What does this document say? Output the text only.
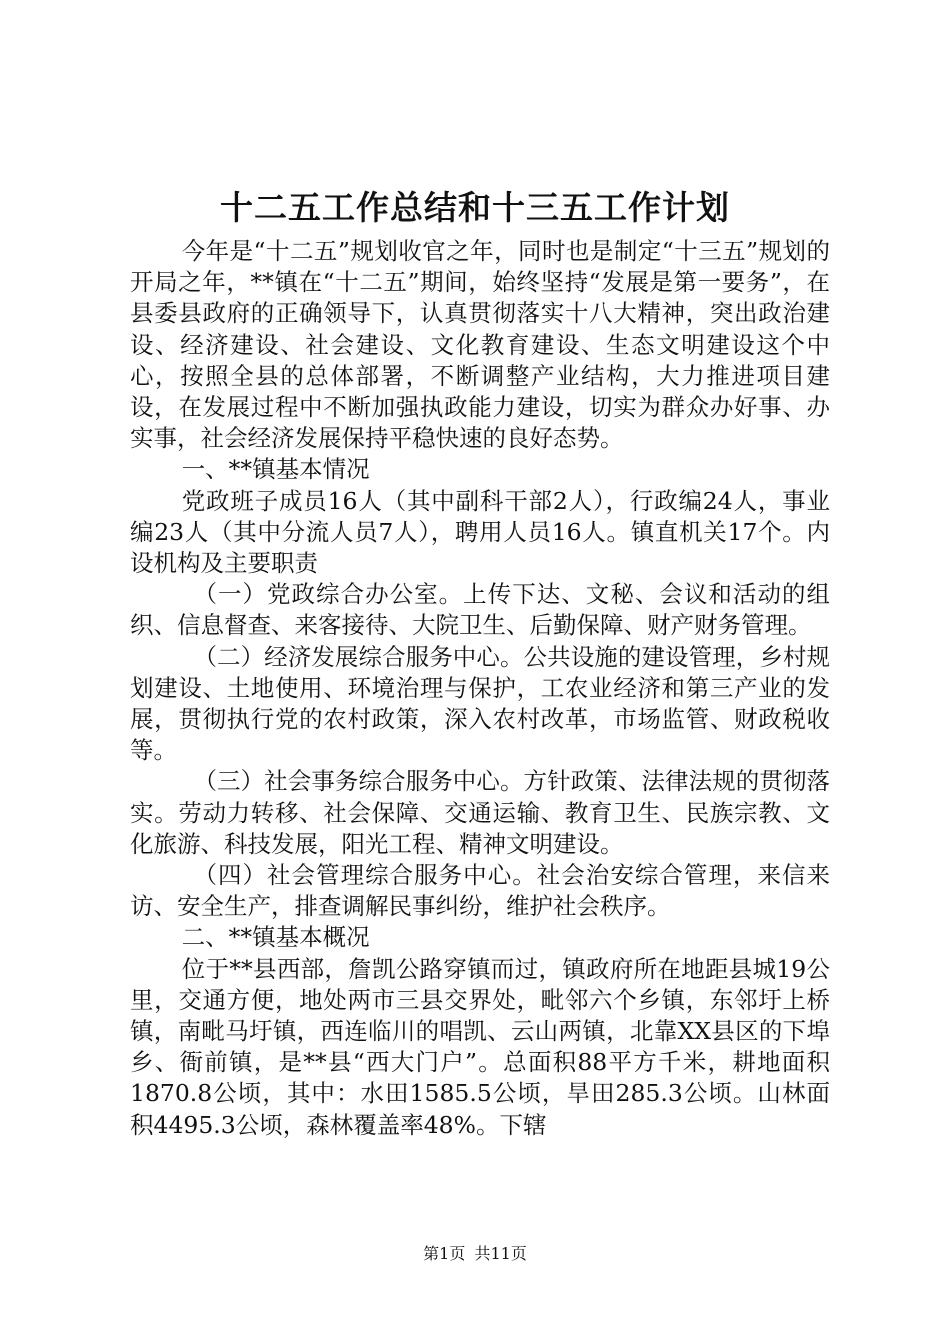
十二五工作总结和十三五工作计划

今年是“十二五”规划收官之年，同时也是制定“十三五”规划的开局之年，**镇在“十二五”期间，始终坚持“发展是第一要务”，在县委县政府的正确领导下，认真贯彻落实十八大精神，突出政治建设、经济建设、社会建设、文化教育建设、生态文明建设这个中心，按照全县的总体部署，不断调整产业结构，大力推进项目建设，在发展过程中不断加强执政能力建设，切实为群众办好事、办实事，社会经济发展保持平稳快速的良好态势。

一、**镇基本情况

党政班子成员16人（其中副科干部2人），行政编24人，事业编23人（其中分流人员7人），聘用人员16人。镇直机关17个。内设机构及主要职责

（一）党政综合办公室。上传下达、文秘、会议和活动的组织、信息督查、来客接待、大院卫生、后勤保障、财产财务管理。

（二）经济发展综合服务中心。公共设施的建设管理，乡村规划建设、土地使用、环境治理与保护，工农业经济和第三产业的发展，贯彻执行党的农村政策，深入农村改革，市场监管、财政税收等。

（三）社会事务综合服务中心。方针政策、法律法规的贯彻落实。劳动力转移、社会保障、交通运输、教育卫生、民族宗教、文化旅游、科技发展，阳光工程、精神文明建设。

（四）社会管理综合服务中心。社会治安综合管理，来信来访、安全生产，排查调解民事纠纷，维护社会秩序。

二、**镇基本概况

位于**县西部，詹凯公路穿镇而过，镇政府所在地距县城19公里，交通方便，地处两市三县交界处，毗邻六个乡镇，东邻圩上桥镇，南毗马圩镇，西连临川的唱凯、云山两镇，北靠XX县区的下埠乡、衙前镇，是**县“西大门户”。总面积88平方千米，耕地面积1870.8公顷，其中：水田1585.5公顷，旱田285.3公顷。山林面积4495.3公顷，森林覆盖率48%。下辖

第1页 共11页
